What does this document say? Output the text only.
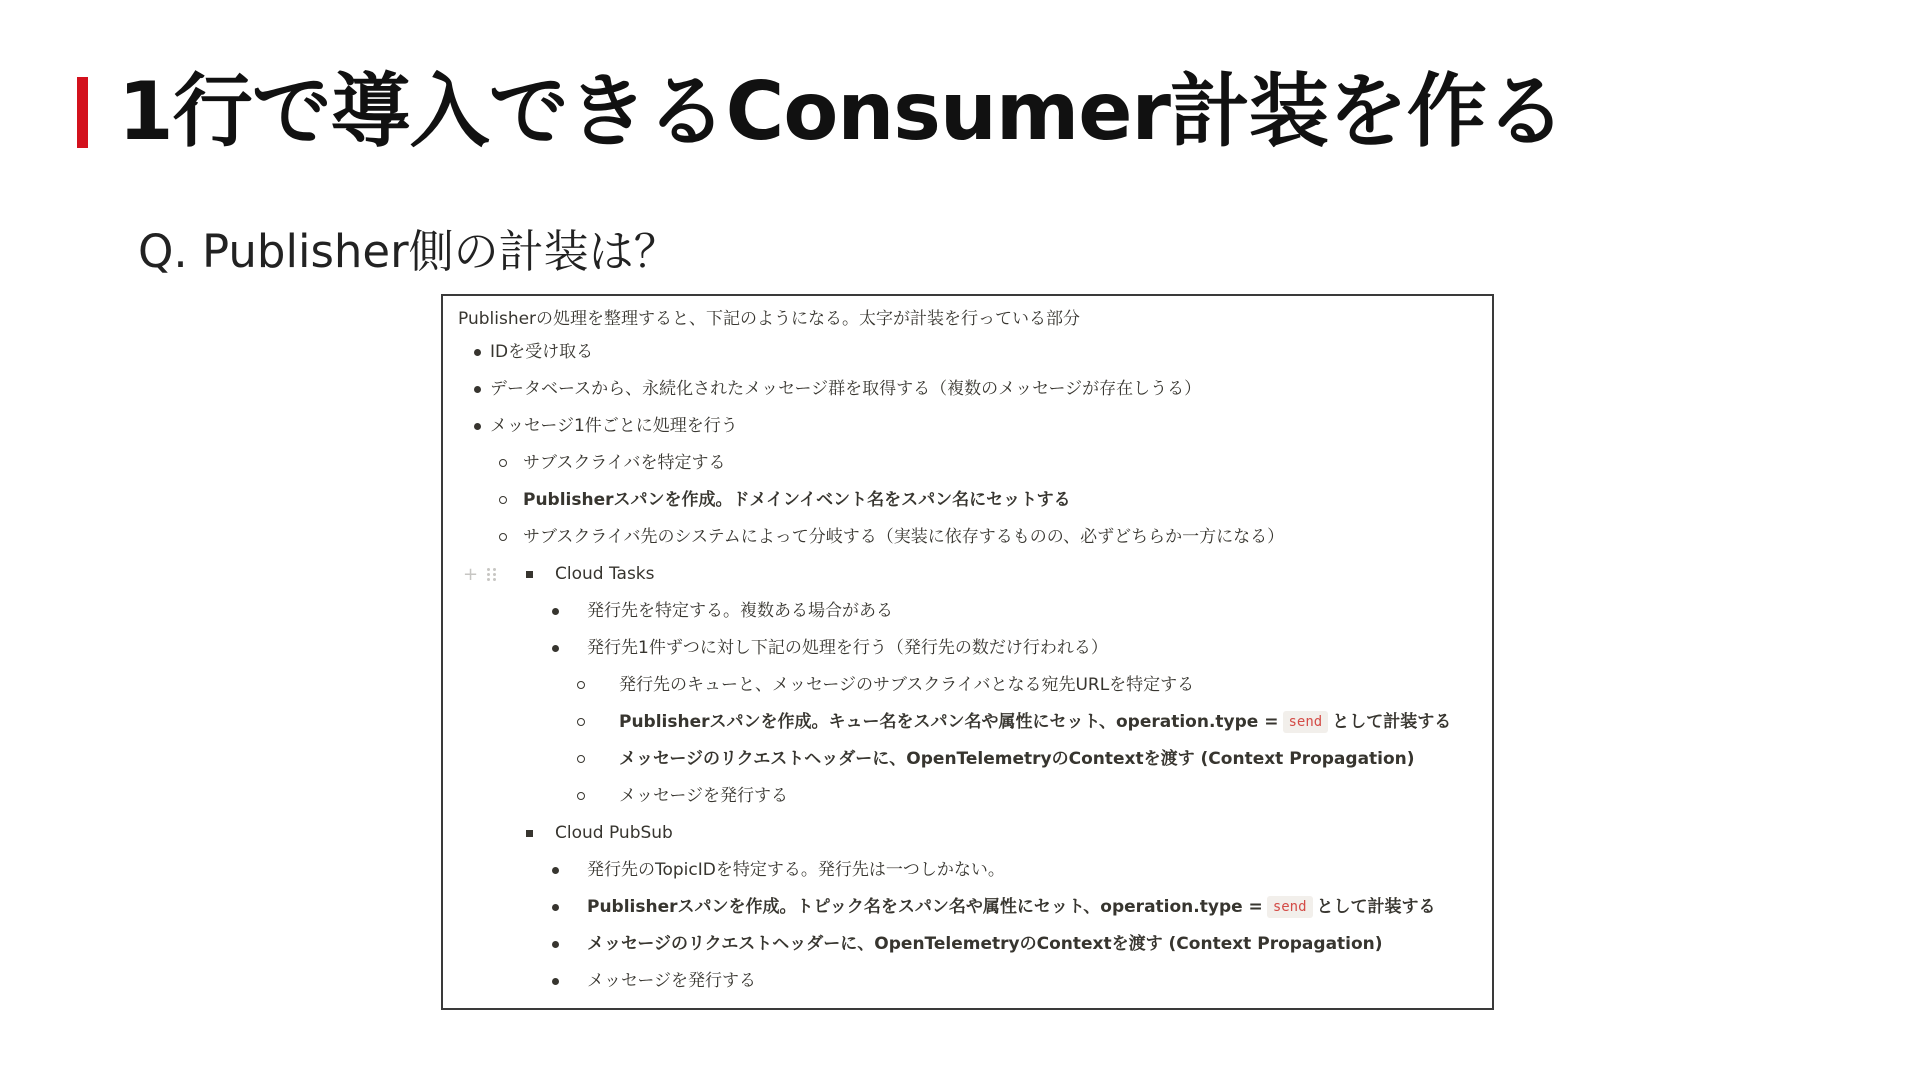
1行で導入できるConsumer計装を作る
Q. Publisher側の計装は？
Publisherの処理を整理すると、下記のようになる。太字が計装を行っている部分
IDを受け取る
データベースから、永続化されたメッセージ群を取得する（複数のメッセージが存在しうる）
メッセージ1件ごとに処理を行う
サブスクライバを特定する
Publisherスパンを作成。ドメインイベント名をスパン名にセットする
サブスクライバ先のシステムによって分岐する（実装に依存するものの、必ずどちらか一方になる）
+	Cloud Tasks
発行先を特定する。複数ある場合がある
発行先1件ずつに対し下記の処理を行う（発行先の数だけ行われる）
発行先のキューと、メッセージのサブスクライバとなる宛先URLを特定する
Publisherスパンを作成。キュー名をスパン名や属性にセット、operation.type = send として計装する
メッセージのリクエストヘッダーに、OpenTelemetryのContextを渡す (Context Propagation)
メッセージを発行する
Cloud PubSub
発行先のTopicIDを特定する。発行先は一つしかない。
Publisherスパンを作成。トピック名をスパン名や属性にセット、operation.type = send として計装する
メッセージのリクエストヘッダーに、OpenTelemetryのContextを渡す (Context Propagation)
メッセージを発行する
